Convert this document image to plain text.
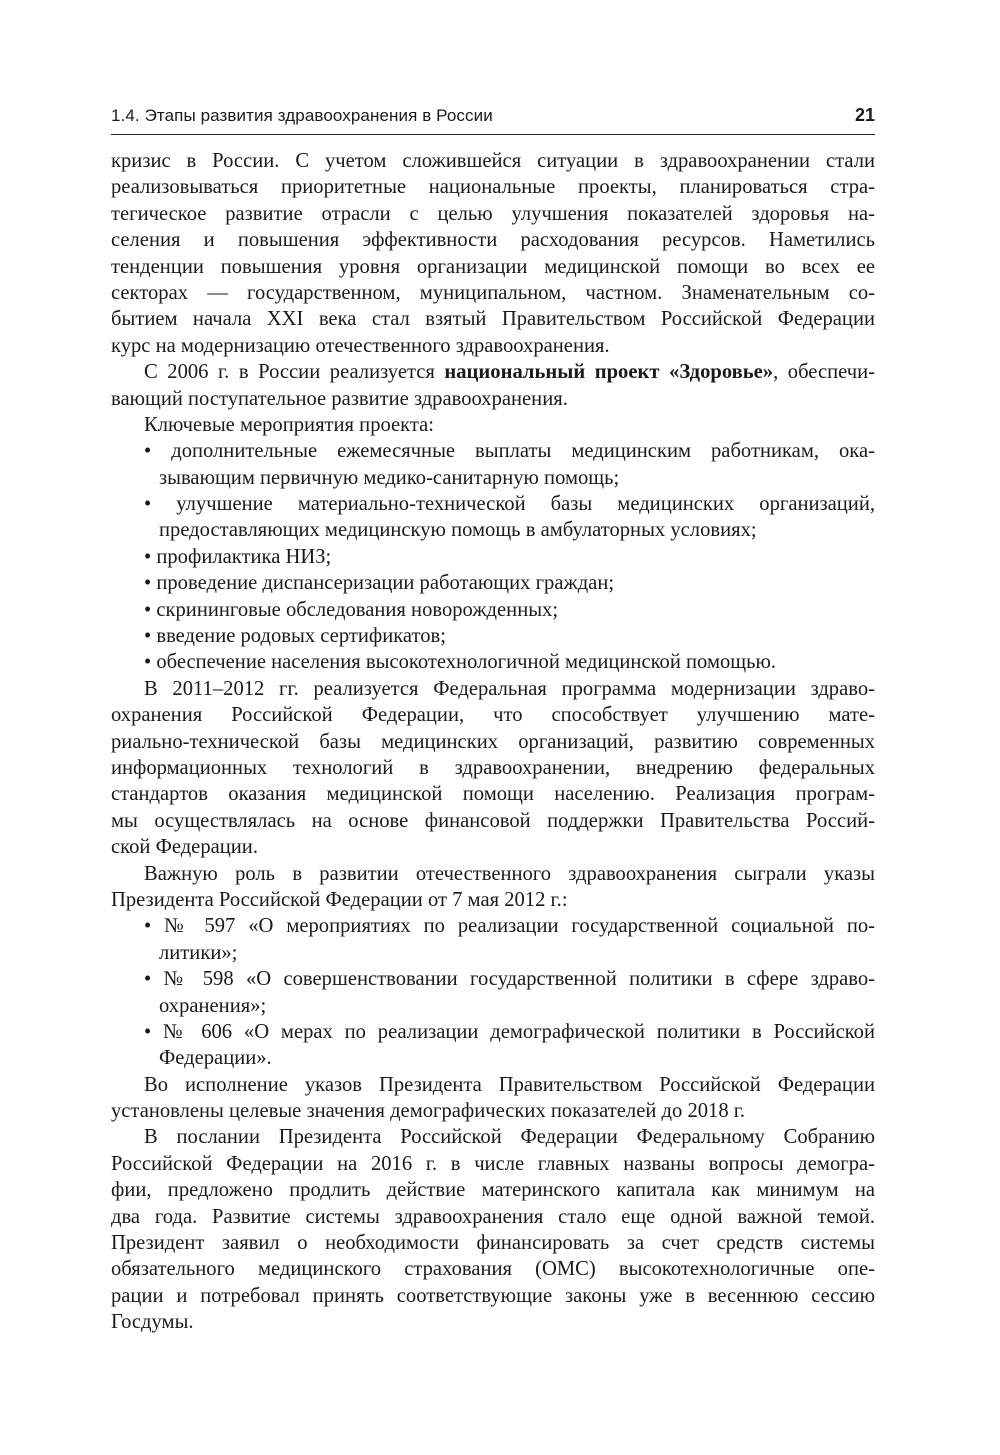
1.4. Этапы развития здравоохранения в России	21
кризис в России. С учетом сложившейся ситуации в здравоохранении стали
реализовываться приоритетные национальные проекты, планироваться стра-
тегическое развитие отрасли с целью улучшения показателей здоровья на-
селения и повышения эффективности расходования ресурсов. Наметились
тенденции повышения уровня организации медицинской помощи во всех ее
секторах — государственном, муниципальном, частном. Знаменательным со-
бытием начала XXI века стал взятый Правительством Российской Федерации
курс на модернизацию отечественного здравоохранения.
С 2006 г. в России реализуется национальный проект «Здоровье», обеспечи-
вающий поступательное развитие здравоохранения.
Ключевые мероприятия проекта:
• дополнительные ежемесячные выплаты медицинским работникам, ока-
зывающим первичную медико-санитарную помощь;
• улучшение материально-технической базы медицинских организаций,
предоставляющих медицинскую помощь в амбулаторных условиях;
• профилактика НИЗ;
• проведение диспансеризации работающих граждан;
• скрининговые обследования новорожденных;
• введение родовых сертификатов;
• обеспечение населения высокотехнологичной медицинской помощью.
В 2011–2012 гг. реализуется Федеральная программа модернизации здраво-
охранения Российской Федерации, что способствует улучшению мате-
риально-технической базы медицинских организаций, развитию современных
информационных технологий в здравоохранении, внедрению федеральных
стандартов оказания медицинской помощи населению. Реализация програм-
мы осуществлялась на основе финансовой поддержки Правительства Россий-
ской Федерации.
Важную роль в развитии отечественного здравоохранения сыграли указы
Президента Российской Федерации от 7 мая 2012 г.:
• № 597 «О мероприятиях по реализации государственной социальной по-
литики»;
• № 598 «О совершенствовании государственной политики в сфере здраво-
охранения»;
• № 606 «О мерах по реализации демографической политики в Российской
Федерации».
Во исполнение указов Президента Правительством Российской Федерации
установлены целевые значения демографических показателей до 2018 г.
В послании Президента Российской Федерации Федеральному Собранию
Российской Федерации на 2016 г. в числе главных названы вопросы демогра-
фии, предложено продлить действие материнского капитала как минимум на
два года. Развитие системы здравоохранения стало еще одной важной темой.
Президент заявил о необходимости финансировать за счет средств системы
обязательного медицинского страхования (ОМС) высокотехнологичные опе-
рации и потребовал принять соответствующие законы уже в весеннюю сессию
Госдумы.
